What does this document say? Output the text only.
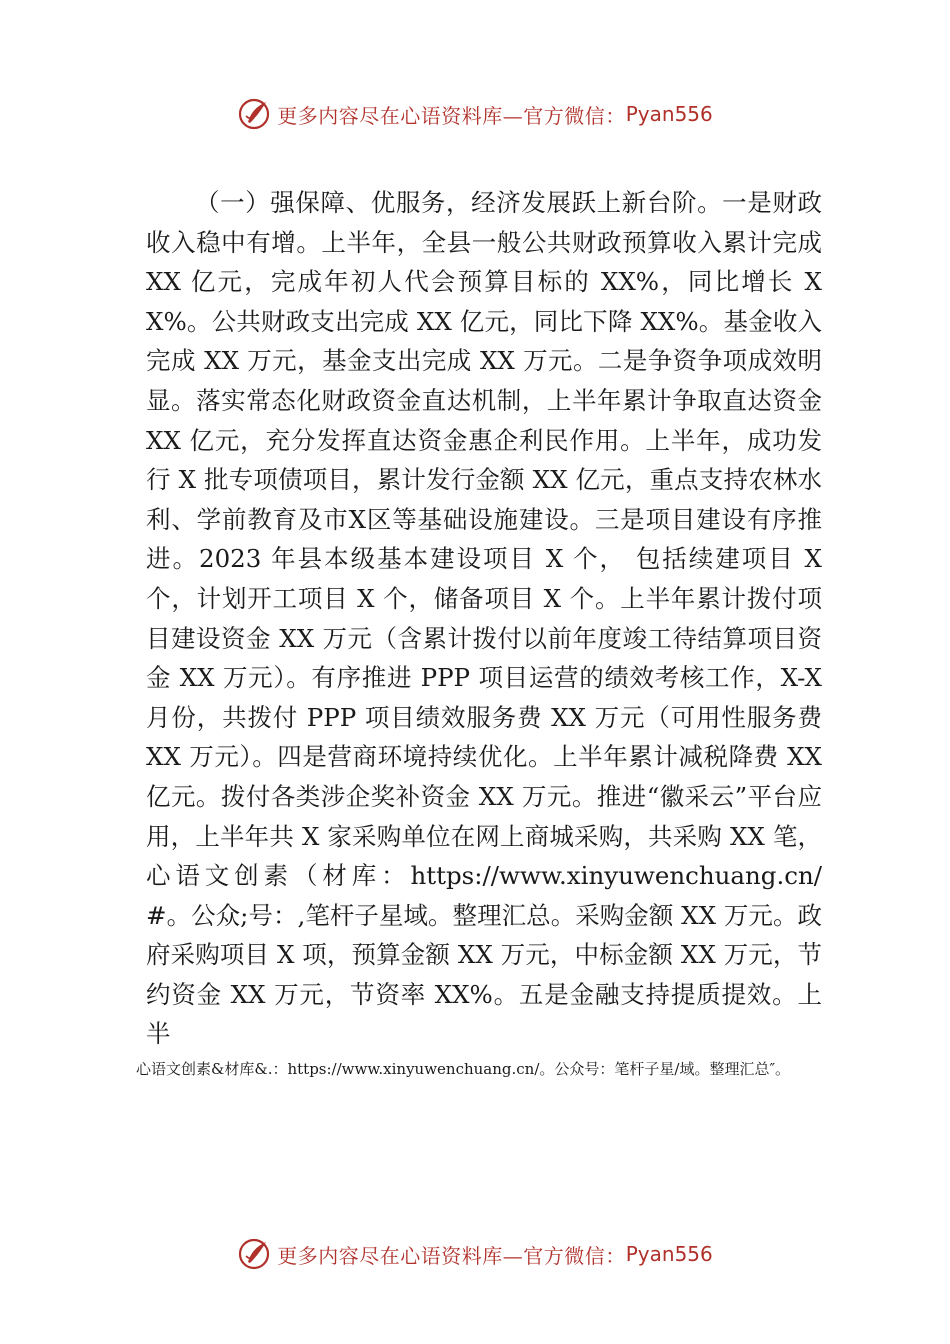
更多内容尽在心语资料库—官方微信： Pyan556

（一）强保障、优服务，经济发展跃上新台阶。一是财政收入稳中有增。上半年，全县一般公共财政预算收入累计完成 XX 亿元，完成年初人代会预算目标的 XX%，同比增长 XX%。公共财政支出完成 XX 亿元，同比下降 XX%。基金收入完成 XX 万元，基金支出完成 XX 万元。二是争资争项成效明显。落实常态化财政资金直达机制，上半年累计争取直达资金 XX 亿元，充分发挥直达资金惠企利民作用。上半年，成功发行 X 批专项债项目，累计发行金额 XX 亿元，重点支持农林水利、学前教育及市X区等基础设施建设。三是项目建设有序推进。2023 年县本级基本建设项目 X 个， 包括续建项目 X 个，计划开工项目 X 个，储备项目 X 个。上半年累计拨付项目建设资金 XX 万元（含累计拨付以前年度竣工待结算项目资金 XX 万元）。有序推进 PPP 项目运营的绩效考核工作，X-X 月份，共拨付 PPP 项目绩效服务费 XX 万元（可用性服务费 XX 万元）。四是营商环境持续优化。上半年累计减税降费 XX 亿元。拨付各类涉企奖补资金 XX 万元。推进“徽采云”平台应用，上半年共 X 家采购单位在网上商城采购，共采购 XX 笔，心语文创素（材库：https://www.xinyuwenchuang.cn/#。公众;号：,笔杆子星域。整理汇总。采购金额 XX 万元。政府采购项目 X 项，预算金额 XX 万元，中标金额 XX 万元，节约资金 XX 万元，节资率 XX%。五是金融支持提质提效。上半

心语文创素&材库&.：https://www.xinyuwenchuang.cn/。公众号：笔杆子星/域。整理汇总″。

更多内容尽在心语资料库—官方微信： Pyan556
